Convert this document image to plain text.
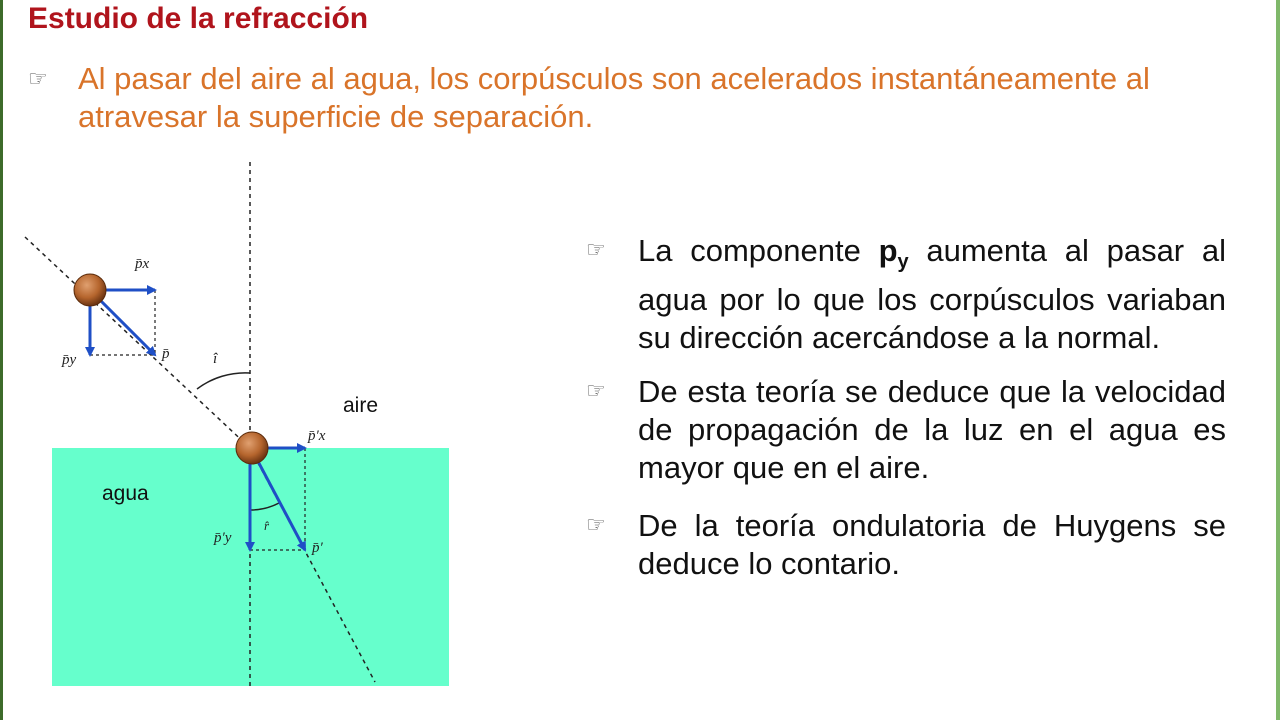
Estudio de la refracción
☞ Al pasar del aire al agua, los corpúsculos son acelerados instantáneamente al atravesar la superficie de separación.
p̄x
p̄y	p̄	î
aire
p̄′x
agua
p̄′y
r̂
p̄′
☞	La componente $p_y$ aumenta al pasar al agua por lo que los corpúsculos variaban su dirección acercándose a la normal.
☞	De esta teoría se deduce que la velocidad de propagación de la luz en el agua es mayor que en el aire.
☞	De la teoría ondulatoria de Huygens se deduce lo contario.
